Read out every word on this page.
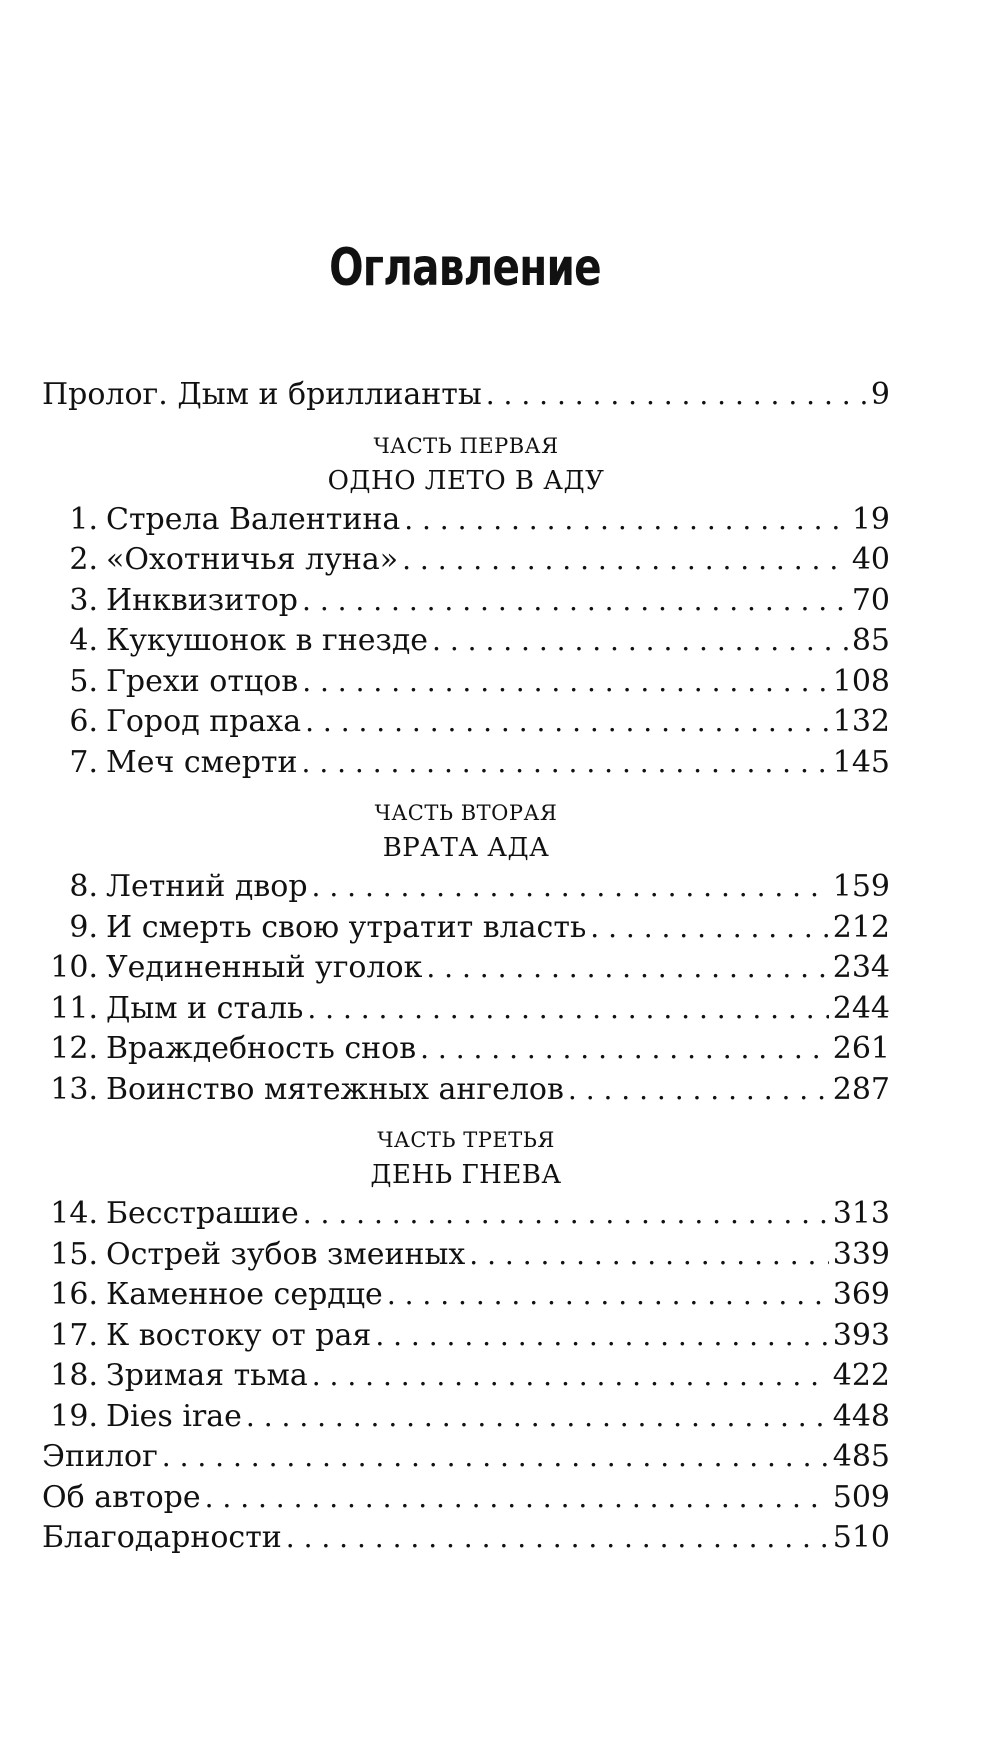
Оглавление
Пролог. Дым и бриллианты . . .	9
ЧАСТЬ ПЕРВАЯ
ОДНО ЛЕТО В АДУ
1. Стрела Валентина . . .	19
2. «Охотничья луна» . . .	40
3. Инквизитор . . .	70
4. Кукушонок в гнезде . . .	85
5. Грехи отцов . . .	108
6. Город праха . . .	132
7. Меч смерти . . .	145
ЧАСТЬ ВТОРАЯ
ВРАТА АДА
8. Летний двор . . .	159
9. И смерть свою утратит власть . . .	212
10. Уединенный уголок . . .	234
11. Дым и сталь . . .	244
12. Враждебность снов . . .	261
13. Воинство мятежных ангелов . . .	287
ЧАСТЬ ТРЕТЬЯ
ДЕНЬ ГНЕВА
14. Бесстрашие . . .	313
15. Острей зубов змеиных . . .	339
16. Каменное сердце . . .	369
17. К востоку от рая . . .	393
18. Зримая тьма . . .	422
19. Dies irae . . .	448
Эпилог . . .	485
Об авторе . . .	509
Благодарности . . .	510
